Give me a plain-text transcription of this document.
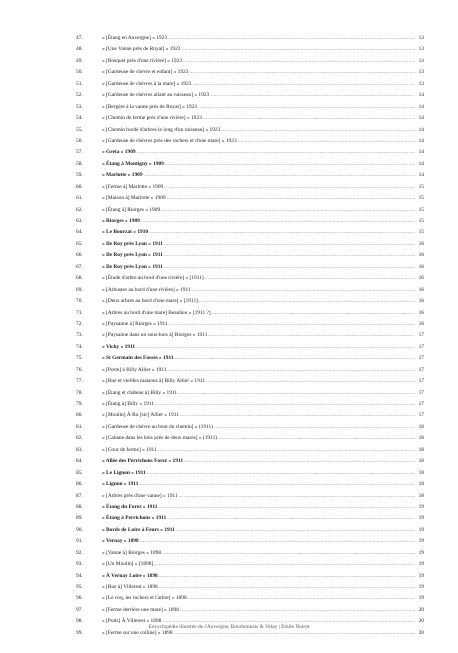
47.	« [Étang en Auvergne] » 1923 .....	13
48.	« [Une Vanne près de Royat] » 1923 .....	13
49.	« [Bosquet près d'une rivière] » 1923 .....	13
50.	« [Gardeuse de chèvre et enfant] » 1923 .....	13
51.	« [Gardeuse de chèvres à la mare] » 1923 .....	13
52.	« [Gardeuse de chèvres allant au ruisseau] » 1923 .....	14
53.	« [Bergère à la vanne près de Royat] » 1923 .....	14
54.	« [Chemin de ferme près d'une rivière] » 1923 .....	14
55.	« [Chemin bordé d'arbres le long d'un ruisseau] » 1923 .....	14
56.	« [Gardeuse de chèvres près des rochers et d'une mare] » 1923 .....	14
57.	« Greta » 1909 .....	14
58.	« Étang à Montigny » 1909 .....	14
59.	« Marlotte » 1909 .....	14
60.	« [Ferme à] Marlotte » 1909 .....	15
61.	« [Maison à] Marlotte » 1909 .....	15
62.	« [Étang à] Riorges » 1909 .....	15
63.	« Riorges » 1909 .....	15
64.	« Le Bourzat » 1910 .....	15
65.	« Ile Roy près Lyon » 1911 .....	16
66.	« Ile Roy près Lyon » 1911 .....	16
67.	« Ile Roy près Lyon » 1911 .....	16
68.	« [Étude d'arbre au bord d'une rivière] » [1911] .....	16
69.	« [Arbustes au bord d'une rivière] » 1911 .....	16
70.	« [Deux arbres au bord d'une mare] » [1911] .....	16
71.	« [Arbres au bord d'une mare] Beaulieu » [1911 ?] .....	16
72.	« [Paysanne à] Riorges » 1911 .....	16
73.	« [Paysanne dans un sous-bois à] Riorges » 1911 .....	17
74.	« Vichy » 1911 .....	17
75.	« St Germain des Fossés » 1911 .....	17
76.	« [Porte] à Billy Allier » 1911 .....	17
77.	« [Rue et vieilles maisons à] Billy Allier » 1911 .....	17
78.	« [Étang et château à] Billy » 1911 .....	17
79.	« [Étang à] Billy » 1911 .....	17
80.	« [Moulin] À Ru [sic] Allier » 1911 .....	17
81.	« [Gardeuse de chèvre au bout du chemin] » (1911) .....	18
82.	« [Cabane dans les bois près de deux mares] » (1911) .....	18
83.	« [Cour de ferme] » 1911 .....	18
84.	« Allée des Perrichons Forez » 1911 .....	18
85.	« Le Lignon » 1911 .....	18
86.	« Lignon » 1911 .....	18
87.	« [Arbres près d'une vanne] » 1911 .....	18
88.	« Étang du Forez » 1911 .....	19
89.	« Étang à Perrichons » 1911 .....	19
90.	« Bords de Loire à Feurs » 1911 .....	19
91.	« Vernay » 1898 .....	19
92.	« [Vanne à] Riorges » 1898 .....	19
93.	« [Un Moulin] » [1898] .....	19
94.	« À Vernay Loire » 1898 .....	19
95.	« [Rue à] Villerest » 1898 .....	19
96.	« [Le coq, les rochers et l'arbre] » 1898 .....	19
97.	« [Ferme derrière une mare] » 1898 .....	20
98.	« [Puits] À Villerest » 1898 .....	20
99.	« [Ferme sur une colline] » 1898 .....	20
Encyclopédie illustrée de l'Auvergne, Bourbonnais & Velay | Émile Noirot
